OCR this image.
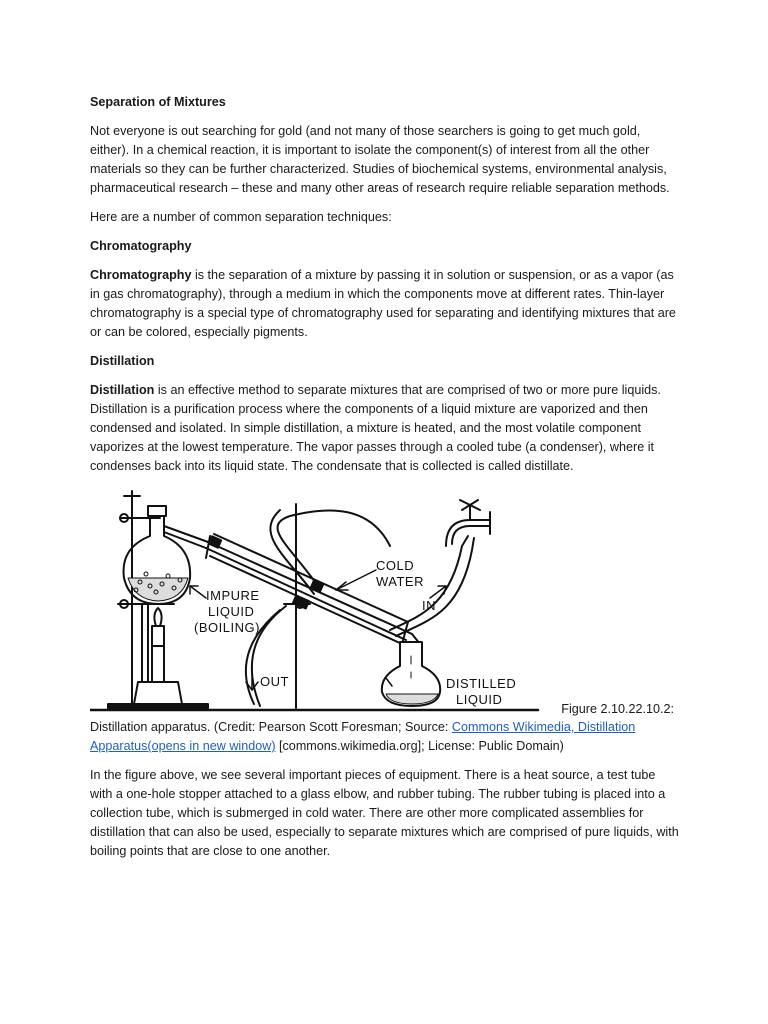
Separation of Mixtures

Not everyone is out searching for gold (and not many of those searchers is going to get much gold, either). In a chemical reaction, it is important to isolate the component(s) of interest from all the other materials so they can be further characterized. Studies of biochemical systems, environmental analysis, pharmaceutical research – these and many other areas of research require reliable separation methods.

Here are a number of common separation techniques:

Chromatography

Chromatography is the separation of a mixture by passing it in solution or suspension, or as a vapor (as in gas chromatography), through a medium in which the components move at different rates. Thin-layer chromatography is a special type of chromatography used for separating and identifying mixtures that are or can be colored, especially pigments.

Distillation

Distillation is an effective method to separate mixtures that are comprised of two or more pure liquids. Distillation is a purification process where the components of a liquid mixture are vaporized and then condensed and isolated. In simple distillation, a mixture is heated, and the most volatile component vaporizes at the lowest temperature. The vapor passes through a cooled tube (a condenser), where it condenses back into its liquid state. The condensate that is collected is called distillate.

COLD
WATER
IMPURE
LIQUID
(BOILING)
IN
OUT	DISTILLED
LIQUID
Figure 2.10.22.10.2:

Distillation apparatus. (Credit: Pearson Scott Foresman; Source: Commons Wikimedia, Distillation Apparatus(opens in new window) [commons.wikimedia.org]; License: Public Domain)

In the figure above, we see several important pieces of equipment. There is a heat source, a test tube with a one-hole stopper attached to a glass elbow, and rubber tubing. The rubber tubing is placed into a collection tube, which is submerged in cold water. There are other more complicated assemblies for distillation that can also be used, especially to separate mixtures which are comprised of pure liquids, with boiling points that are close to one another.
